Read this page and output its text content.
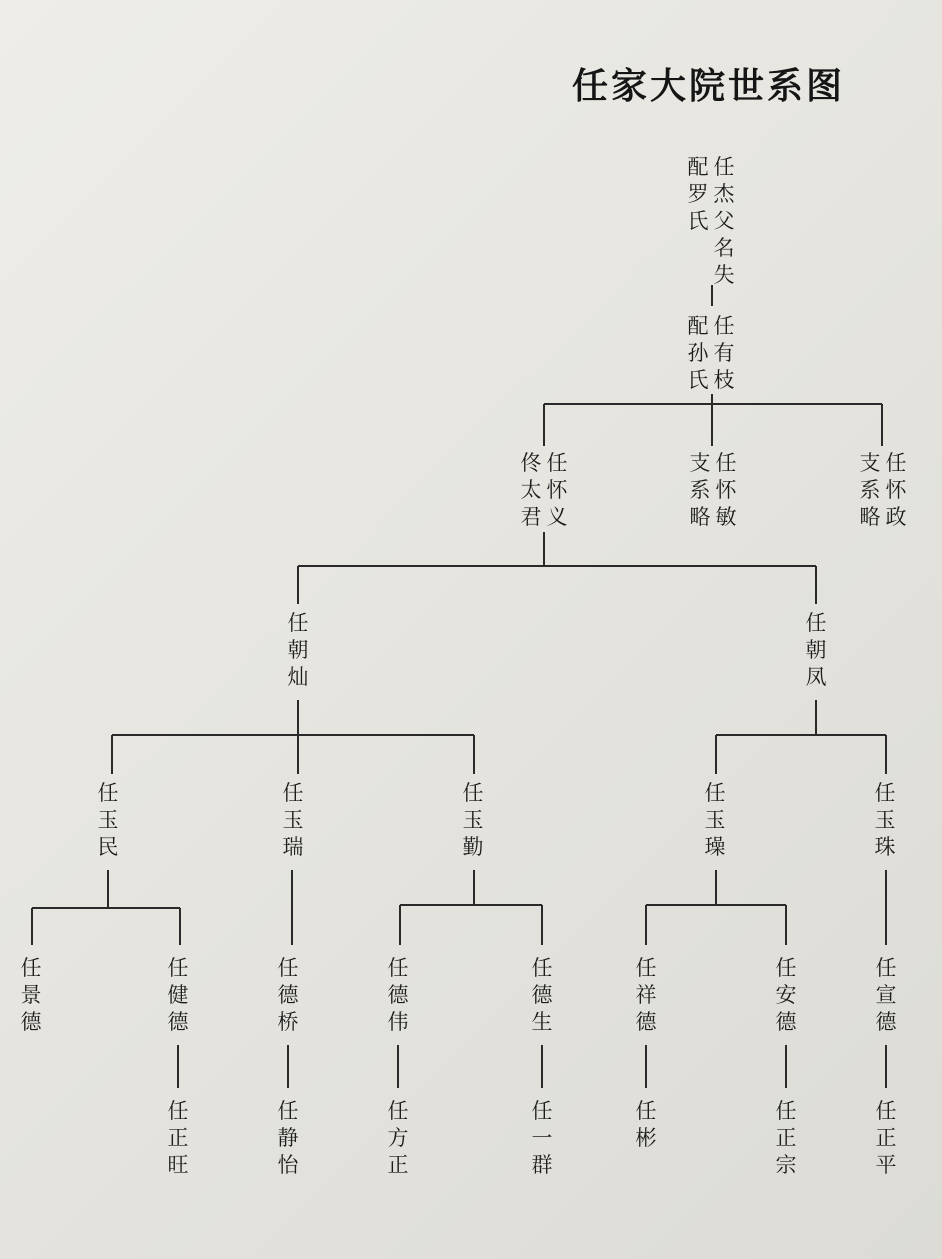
任家大院世系图
任杰父名失
配罗氏
任有枝
配孙氏
任怀义
佟太君
任怀敏
支系略
任怀政
支系略
任朝灿
任朝凤
任玉民
任玉瑞
任玉勤
任玉璪
任玉珠
任景德
任健德
任德桥
任德伟
任德生
任祥德
任安德
任宣德
任正旺
任静怡
任方正
任一群
任　彬
任正宗
任正平
